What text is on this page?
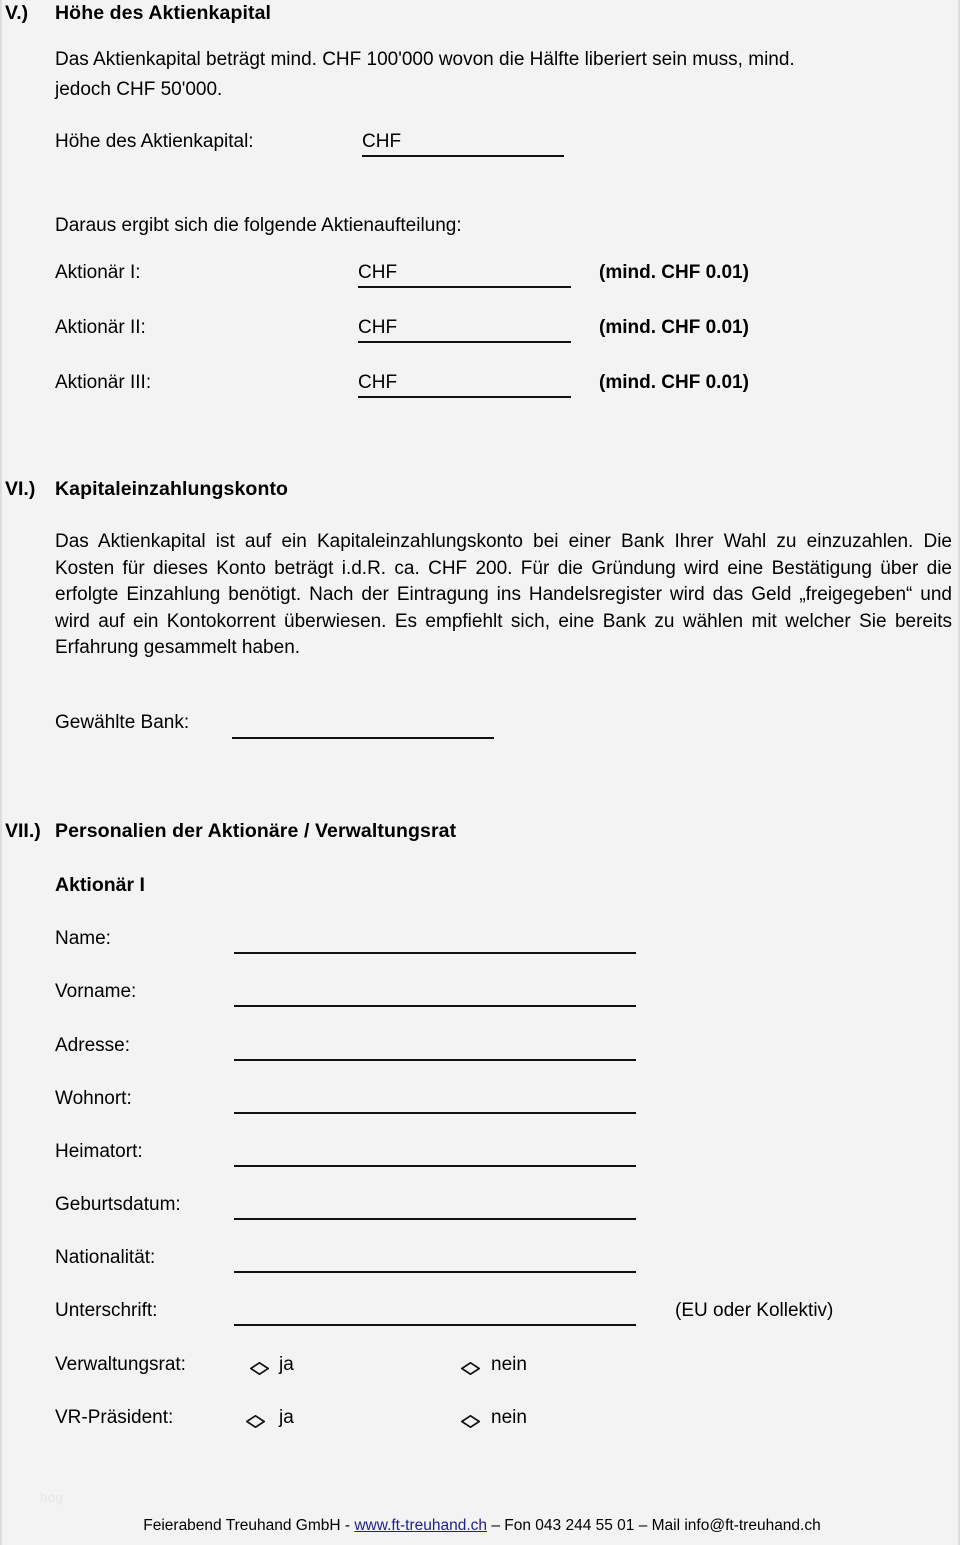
V.) Höhe des Aktienkapital
Das Aktienkapital beträgt mind. CHF 100'000 wovon die Hälfte liberiert sein muss, mind.
jedoch CHF 50'000.
Höhe des Aktienkapital:	CHF
Daraus ergibt sich die folgende Aktienaufteilung:
Aktionär I:	CHF	(mind. CHF 0.01)
Aktionär II:	CHF	(mind. CHF 0.01)
Aktionär III:	CHF	(mind. CHF 0.01)
VI.) Kapitaleinzahlungskonto
Das Aktienkapital ist auf ein Kapitaleinzahlungskonto bei einer Bank Ihrer Wahl zu einzuzahlen. Die Kosten für dieses Konto beträgt i.d.R. ca. CHF 200. Für die Gründung wird eine Bestätigung über die erfolgte Einzahlung benötigt. Nach der Eintragung ins Handelsregister wird das Geld „freigegeben“ und wird auf ein Kontokorrent überwiesen. Es empfiehlt sich, eine Bank zu wählen mit welcher Sie bereits Erfahrung gesammelt haben.
Gewählte Bank:
VII.) Personalien der Aktionäre / Verwaltungsrat
Aktionär I
Name:
Vorname:
Adresse:
Wohnort:
Heimatort:
Geburtsdatum:
Nationalität:
Unterschrift:	(EU oder Kollektiv)
Verwaltungsrat:	ja	nein
VR-Präsident:	ja	nein
hog
Feierabend Treuhand GmbH - www.ft-treuhand.ch – Fon 043 244 55 01 – Mail info@ft-treuhand.ch
